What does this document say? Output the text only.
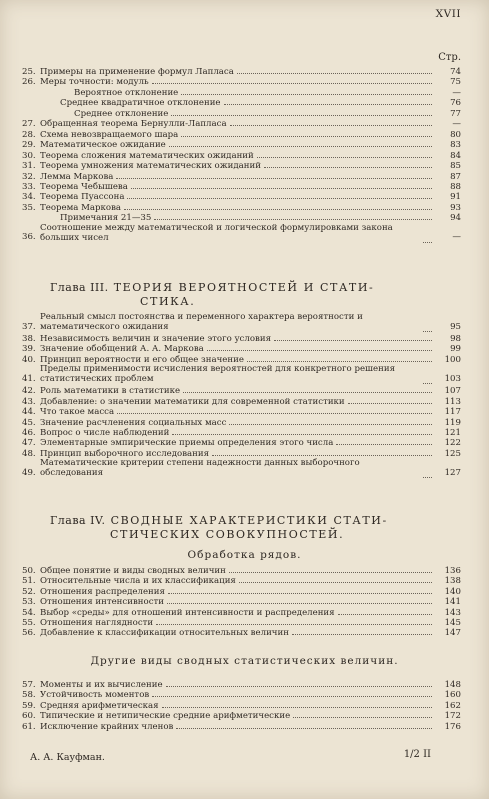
XVII
Стр.
25. Примеры на применение формул Лапласа	74
26. Меры точности: модуль	75
Вероятное отклонение	—
Среднее квадратичное отклонение	76
Среднее отклонение	77
27. Обращенная теорема Бернулли-Лапласа	—
28. Схема невозвращаемого шара	80
29. Математическое ожидание	83
30. Теорема сложения математических ожиданий	84
31. Теорема умножения математических ожиданий	85
32. Лемма Маркова	87
33. Теорема Чебышева	88
34. Теорема Пуассона	91
35. Теорема Маркова	93
Примечания 21—35	94
36.
Соотношение между математической и логической формулировками закона больших чисел	—
Глава III. ТЕОРИЯ ВЕРОЯТНОСТЕЙ И СТАТИ-
СТИКА.
37.
Реальный смысл постоянства и переменного характера вероятности и математического ожидания	95
38. Независимость величин и значение этого условия	98
39. Значение обобщений А. А. Маркова	99
40. Принцип вероятности и его общее значение	100
41.
Пределы применимости исчисления вероятностей для конкретного решения статистических проблем	103
42. Роль математики в статистике	107
43. Добавление: о значении математики для современной статистики	113
44. Что такое масса	117
45. Значение расчленения социальных масс	119
46. Вопрос о числе наблюдений	121
47. Элементарные эмпирические приемы определения этого числа	122
48. Принцип выборочного исследования	125
49.
Математические критерии степени надежности данных выборочного обследования	127
Глава IV. СВОДНЫЕ ХАРАКТЕРИСТИКИ СТАТИ-
СТИЧЕСКИХ СОВОКУПНОСТЕЙ.
Обработка рядов.
50. Общее понятие и виды сводных величин	136
51. Относительные числа и их классификация	138
52. Отношения распределения	140
53. Отношения интенсивности	141
54. Выбор «среды» для отношений интенсивности и распределения	143
55. Отношения наглядности	145
56. Добавление к классификации относительных величин	147
Другие виды сводных статистических величин.
57. Моменты и их вычисление	148
58. Устойчивость моментов	160
59. Средняя арифметическая	162
60. Типические и нетипические средние арифметические	172
61. Исключение крайних членов	176
А. А. Кауфман.	1/2 II
